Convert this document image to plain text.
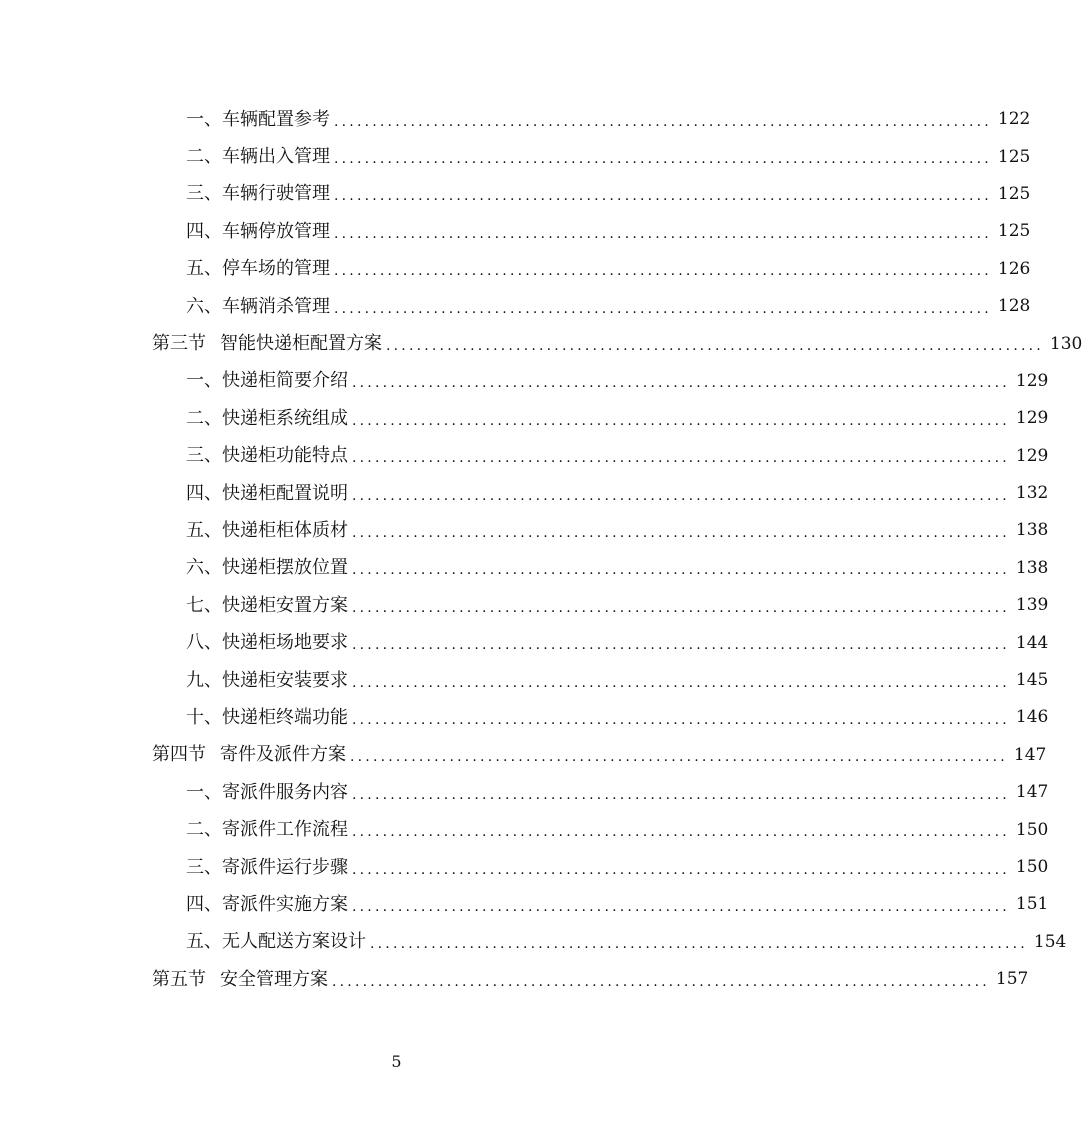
一、车辆配置参考 ...................................................................................... 122
二、车辆出入管理 ...................................................................................... 125
三、车辆行驶管理 ...................................................................................... 125
四、车辆停放管理 ...................................................................................... 125
五、停车场的管理 ...................................................................................... 126
六、车辆消杀管理 ...................................................................................... 128
第三节 智能快递柜配置方案 ...................................................................................... 130
一、快递柜简要介绍 ...................................................................................... 129
二、快递柜系统组成 ...................................................................................... 129
三、快递柜功能特点 ...................................................................................... 129
四、快递柜配置说明 ...................................................................................... 132
五、快递柜柜体质材 ...................................................................................... 138
六、快递柜摆放位置 ...................................................................................... 138
七、快递柜安置方案 ...................................................................................... 139
八、快递柜场地要求 ...................................................................................... 144
九、快递柜安装要求 ...................................................................................... 145
十、快递柜终端功能 ...................................................................................... 146
第四节 寄件及派件方案 ...................................................................................... 147
一、寄派件服务内容 ...................................................................................... 147
二、寄派件工作流程 ...................................................................................... 150
三、寄派件运行步骤 ...................................................................................... 150
四、寄派件实施方案 ...................................................................................... 151
五、无人配送方案设计 ...................................................................................... 154
第五节 安全管理方案 ...................................................................................... 157
5
